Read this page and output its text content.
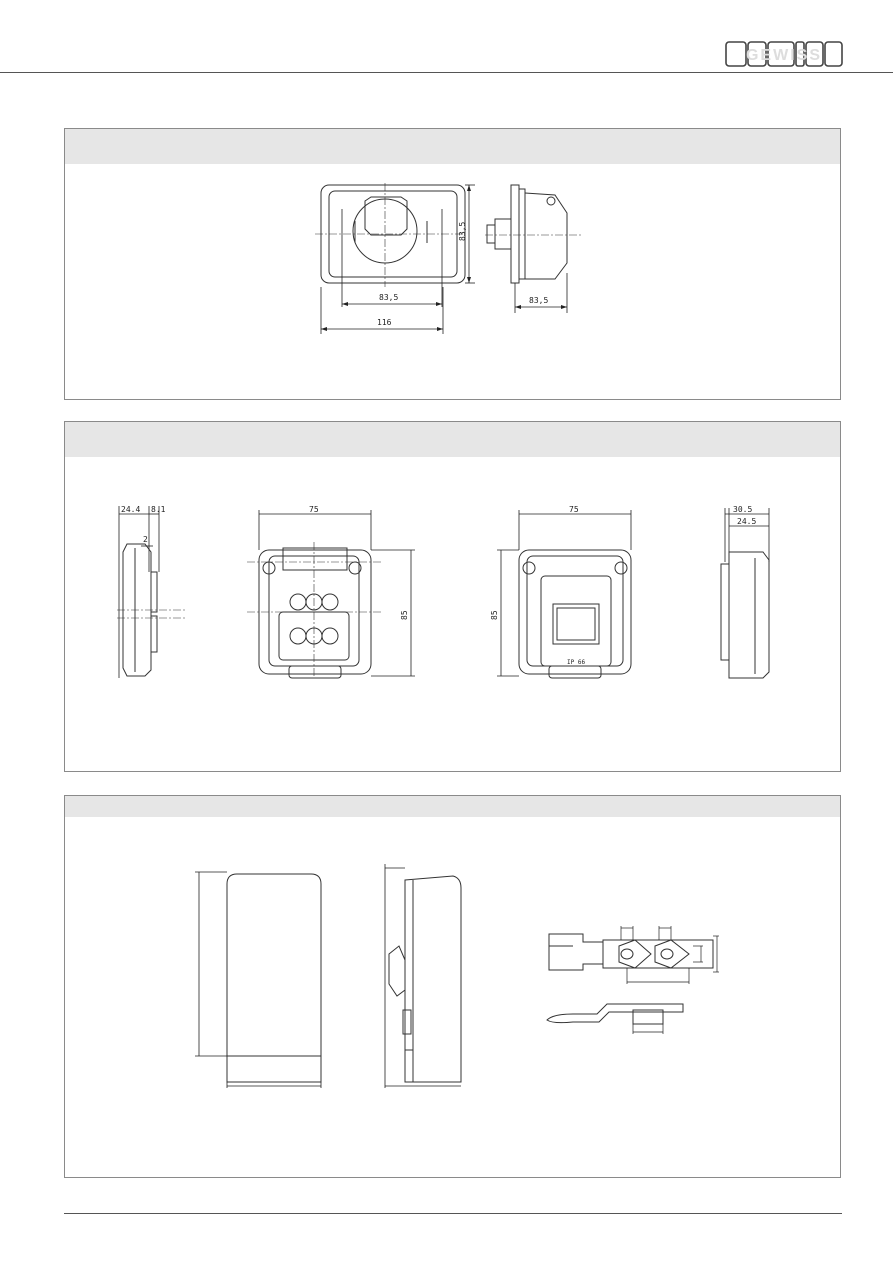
GEWISS
83,5
116
83,5
83,5
24.4 8.1
2
75
85
IP 66
75
85
30.5
24.5
